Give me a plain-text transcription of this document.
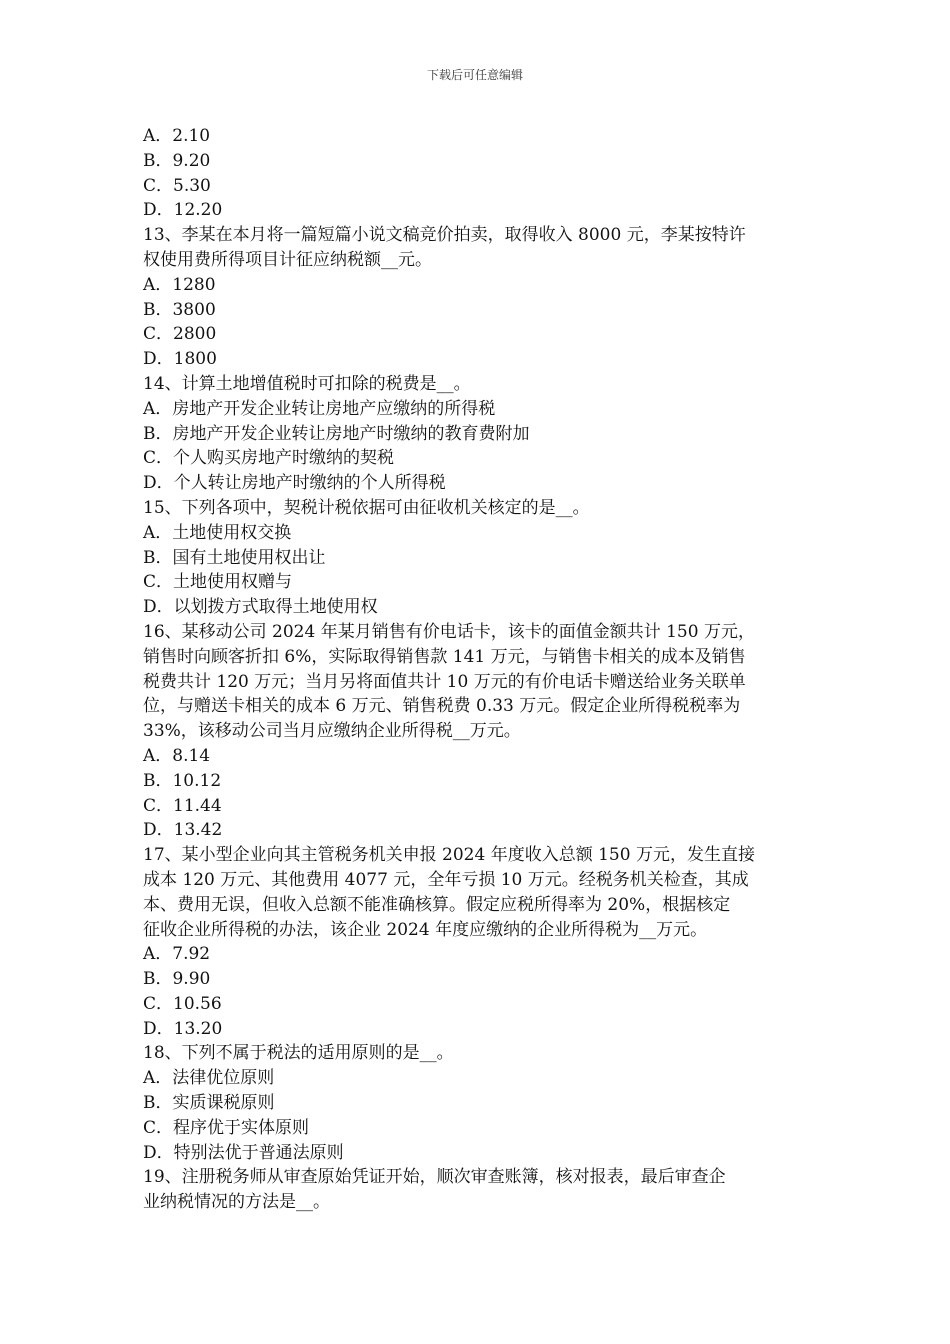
下载后可任意编辑
A．2.10
B．9.20
C．5.30
D．12.20
13、李某在本月将一篇短篇小说文稿竞价拍卖，取得收入 8000 元，李某按特许
权使用费所得项目计征应纳税额__元。
A．1280
B．3800
C．2800
D．1800
14、计算土地增值税时可扣除的税费是__。
A．房地产开发企业转让房地产应缴纳的所得税
B．房地产开发企业转让房地产时缴纳的教育费附加
C．个人购买房地产时缴纳的契税
D．个人转让房地产时缴纳的个人所得税
15、下列各项中，契税计税依据可由征收机关核定的是__。
A．土地使用权交换
B．国有土地使用权出让
C．土地使用权赠与
D．以划拨方式取得土地使用权
16、某移动公司 2024 年某月销售有价电话卡，该卡的面值金额共计 150 万元，
销售时向顾客折扣 6%，实际取得销售款 141 万元，与销售卡相关的成本及销售
税费共计 120 万元；当月另将面值共计 10 万元的有价电话卡赠送给业务关联单
位，与赠送卡相关的成本 6 万元、销售税费 0.33 万元。假定企业所得税税率为
33%，该移动公司当月应缴纳企业所得税__万元。
A．8.14
B．10.12
C．11.44
D．13.42
17、某小型企业向其主管税务机关申报 2024 年度收入总额 150 万元，发生直接
成本 120 万元、其他费用 4077 元，全年亏损 10 万元。经税务机关检查，其成
本、费用无误，但收入总额不能准确核算。假定应税所得率为 20%，根据核定
征收企业所得税的办法，该企业 2024 年度应缴纳的企业所得税为__万元。
A．7.92
B．9.90
C．10.56
D．13.20
18、下列不属于税法的适用原则的是__。
A．法律优位原则
B．实质课税原则
C．程序优于实体原则
D．特别法优于普通法原则
19、注册税务师从审查原始凭证开始，顺次审查账簿，核对报表，最后审查企
业纳税情况的方法是__。
